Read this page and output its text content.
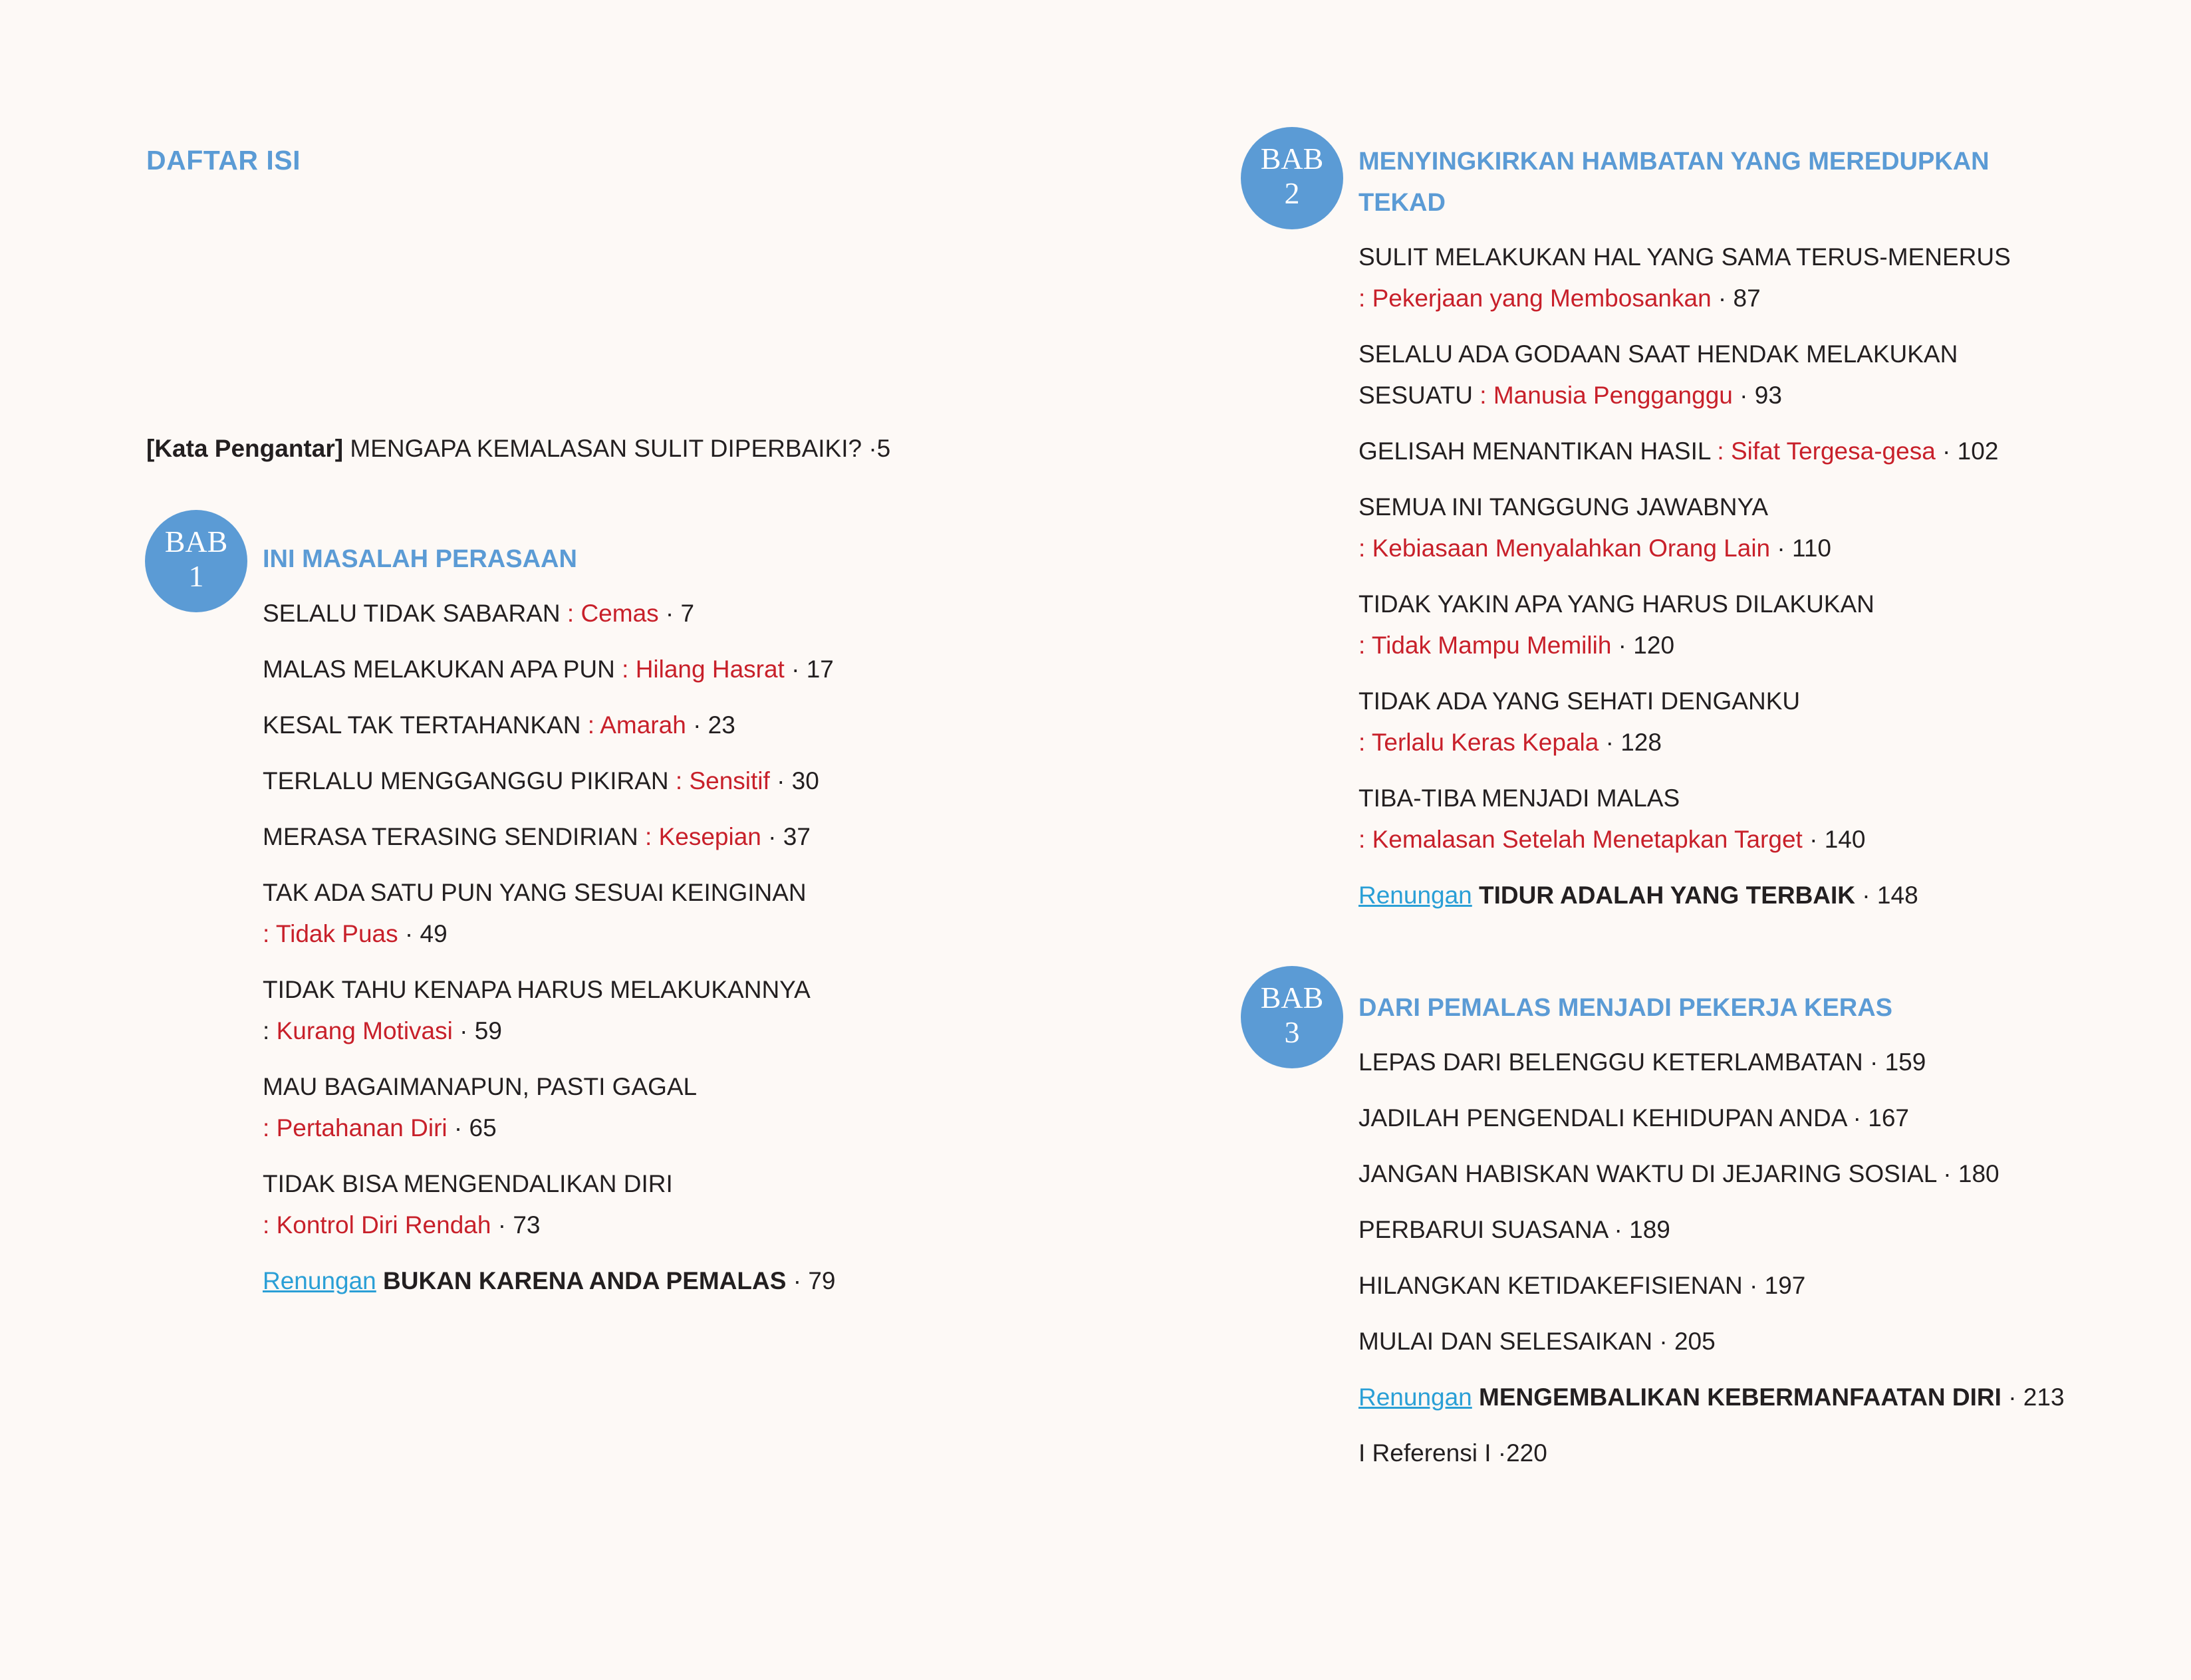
DAFTAR ISI
[Kata Pengantar] MENGAPA KEMALASAN SULIT DIPERBAIKI? ·5
BAB
1 INI MASALAH PERASAAN
SELALU TIDAK SABARAN : Cemas · 7
MALAS MELAKUKAN APA PUN : Hilang Hasrat · 17
KESAL TAK TERTAHANKAN : Amarah · 23
TERLALU MENGGANGGU PIKIRAN : Sensitif · 30
MERASA TERASING SENDIRIAN : Kesepian · 37
TAK ADA SATU PUN YANG SESUAI KEINGINAN
: Tidak Puas · 49
TIDAK TAHU KENAPA HARUS MELAKUKANNYA
: Kurang Motivasi · 59
MAU BAGAIMANAPUN, PASTI GAGAL
: Pertahanan Diri · 65
TIDAK BISA MENGENDALIKAN DIRI
: Kontrol Diri Rendah · 73
Renungan BUKAN KARENA ANDA PEMALAS · 79
BAB
2
MENYINGKIRKAN HAMBATAN YANG MEREDUPKAN
TEKAD
SULIT MELAKUKAN HAL YANG SAMA TERUS-MENERUS
: Pekerjaan yang Membosankan · 87
SELALU ADA GODAAN SAAT HENDAK MELAKUKAN
SESUATU : Manusia Pengganggu · 93
GELISAH MENANTIKAN HASIL : Sifat Tergesa-gesa · 102
SEMUA INI TANGGUNG JAWABNYA
: Kebiasaan Menyalahkan Orang Lain · 110
TIDAK YAKIN APA YANG HARUS DILAKUKAN
: Tidak Mampu Memilih · 120
TIDAK ADA YANG SEHATI DENGANKU
: Terlalu Keras Kepala · 128
TIBA-TIBA MENJADI MALAS
: Kemalasan Setelah Menetapkan Target · 140
Renungan TIDUR ADALAH YANG TERBAIK · 148
BAB
3
DARI PEMALAS MENJADI PEKERJA KERAS
LEPAS DARI BELENGGU KETERLAMBATAN · 159
JADILAH PENGENDALI KEHIDUPAN ANDA · 167
JANGAN HABISKAN WAKTU DI JEJARING SOSIAL · 180
PERBARUI SUASANA · 189
HILANGKAN KETIDAKEFISIENAN · 197
MULAI DAN SELESAIKAN · 205
Renungan MENGEMBALIKAN KEBERMANFAATAN DIRI · 213
I Referensi I ·220
